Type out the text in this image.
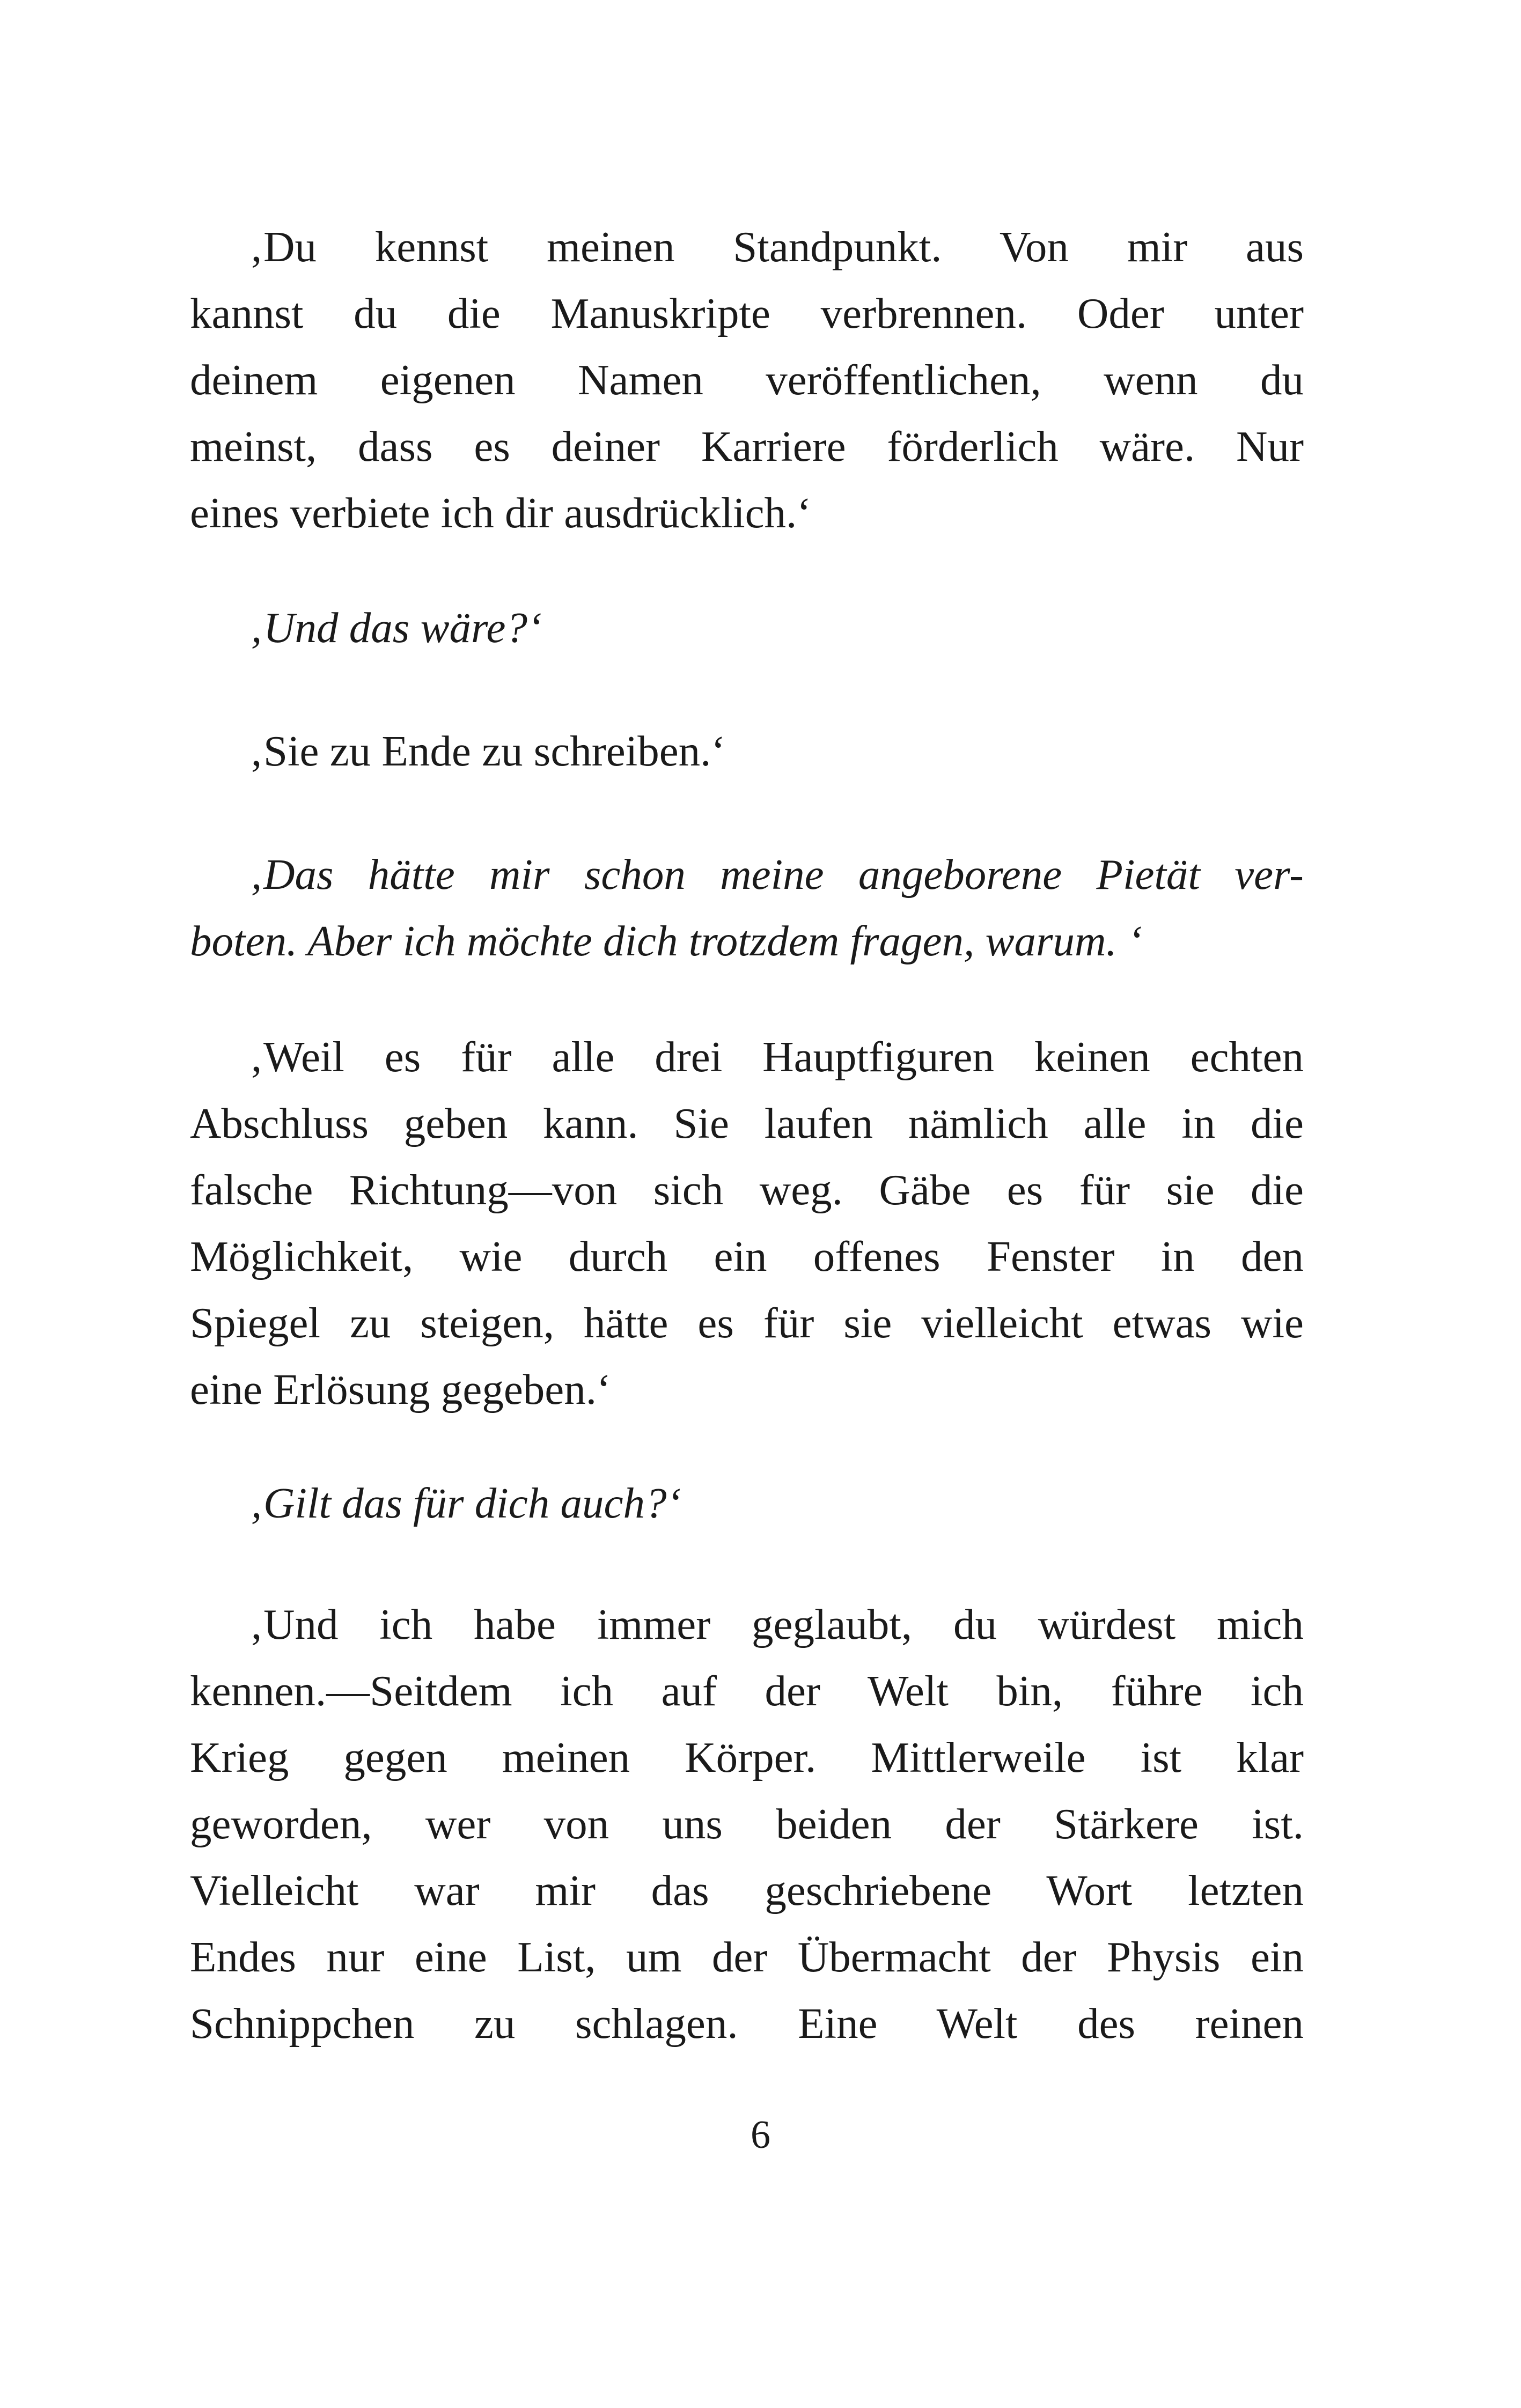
‚Du kennst meinen Standpunkt. Von mir aus
kannst du die Manuskripte verbrennen. Oder unter
deinem eigenen Namen veröffentlichen, wenn du
meinst, dass es deiner Karriere förderlich wäre. Nur
eines verbiete ich dir ausdrücklich.‘
‚Und das wäre?‘
‚Sie zu Ende zu schreiben.‘
‚Das hätte mir schon meine angeborene Pietät ver-
boten. Aber ich möchte dich trotzdem fragen, warum. ‘
‚Weil es für alle drei Hauptfiguren keinen echten
Abschluss geben kann. Sie laufen nämlich alle in die
falsche Richtung—von sich weg. Gäbe es für sie die
Möglichkeit, wie durch ein offenes Fenster in den
Spiegel zu steigen, hätte es für sie vielleicht etwas wie
eine Erlösung gegeben.‘
‚Gilt das für dich auch?‘
‚Und ich habe immer geglaubt, du würdest mich
kennen.—Seitdem ich auf der Welt bin, führe ich
Krieg gegen meinen Körper. Mittlerweile ist klar
geworden, wer von uns beiden der Stärkere ist.
Vielleicht war mir das geschriebene Wort letzten
Endes nur eine List, um der Übermacht der Physis ein
Schnippchen zu schlagen. Eine Welt des reinen
6
